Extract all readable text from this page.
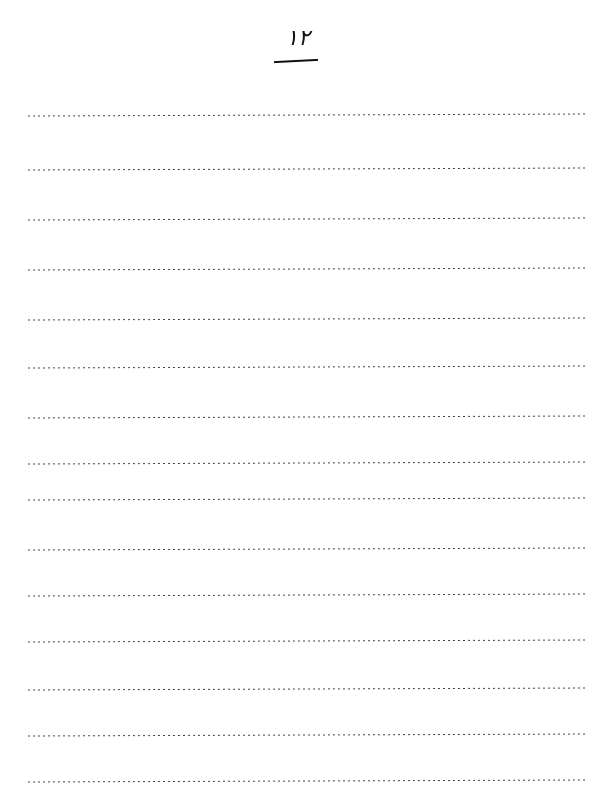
١٢
